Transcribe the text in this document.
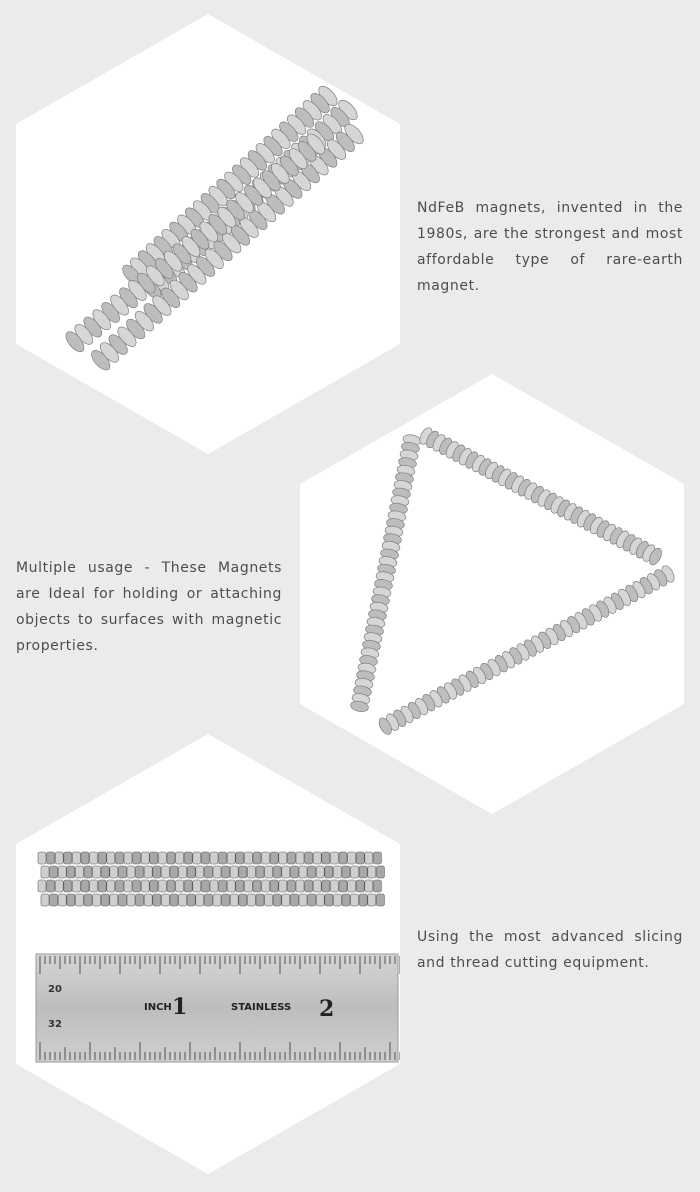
NdFeB magnets, invented in the 1980s, are the strongest and most affordable type of rare-earth magnet.
Multiple usage - These Magnets are Ideal for holding or attaching objects to surfaces with magnetic properties.
20
32
INCH 1	STAINLESS 2
Using the most advanced slicing and thread cutting equipment.
